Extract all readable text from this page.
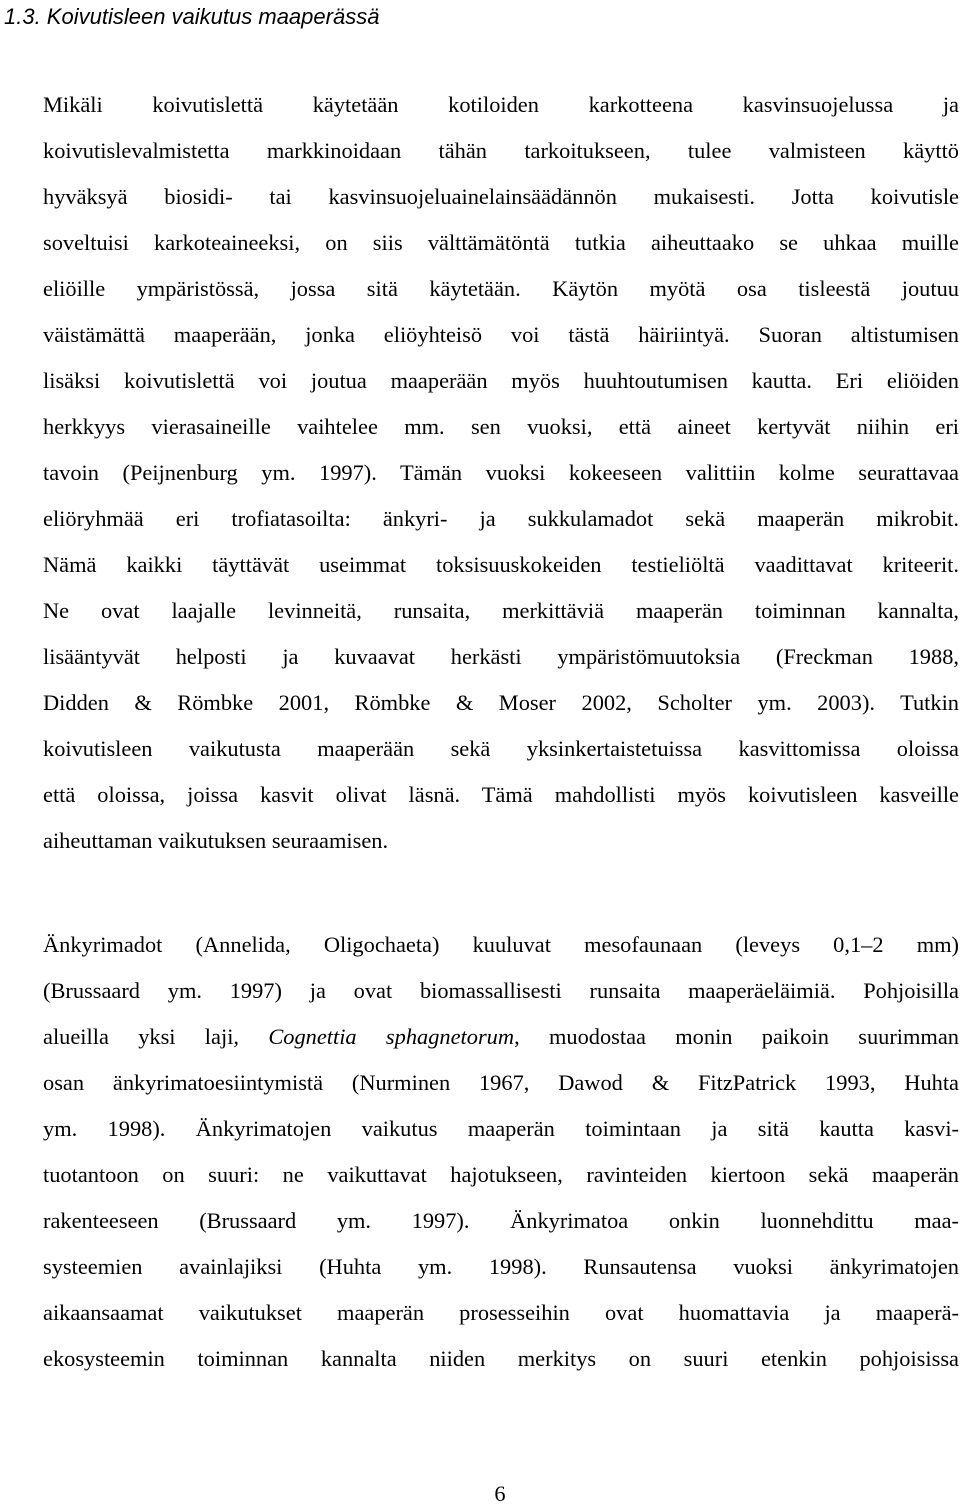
1.3. Koivutisleen vaikutus maaperässä
Mikäli koivutislettä käytetään kotiloiden karkotteena kasvinsuojelussa ja
koivutislevalmistetta markkinoidaan tähän tarkoitukseen, tulee valmisteen käyttö
hyväksyä biosidi- tai kasvinsuojeluainelainsäädännön mukaisesti. Jotta koivutisle
soveltuisi karkoteaineeksi, on siis välttämätöntä tutkia aiheuttaako se uhkaa muille
eliöille ympäristössä, jossa sitä käytetään. Käytön myötä osa tisleestä joutuu
väistämättä maaperään, jonka eliöyhteisö voi tästä häiriintyä. Suoran altistumisen
lisäksi koivutislettä voi joutua maaperään myös huuhtoutumisen kautta. Eri eliöiden
herkkyys vierasaineille vaihtelee mm. sen vuoksi, että aineet kertyvät niihin eri
tavoin (Peijnenburg ym. 1997). Tämän vuoksi kokeeseen valittiin kolme seurattavaa
eliöryhmää eri trofiatasoilta: änkyri- ja sukkulamadot sekä maaperän mikrobit.
Nämä kaikki täyttävät useimmat toksisuuskokeiden testieliöltä vaadittavat kriteerit.
Ne ovat laajalle levinneitä, runsaita, merkittäviä maaperän toiminnan kannalta,
lisääntyvät helposti ja kuvaavat herkästi ympäristömuutoksia (Freckman 1988,
Didden & Römbke 2001, Römbke & Moser 2002, Scholter ym. 2003). Tutkin
koivutisleen vaikutusta maaperään sekä yksinkertaistetuissa kasvittomissa oloissa
että oloissa, joissa kasvit olivat läsnä. Tämä mahdollisti myös koivutisleen kasveille
aiheuttaman vaikutuksen seuraamisen.
Änkyrimadot (Annelida, Oligochaeta) kuuluvat mesofaunaan (leveys 0,1–2 mm)
(Brussaard ym. 1997) ja ovat biomassallisesti runsaita maaperäeläimiä. Pohjoisilla
alueilla yksi laji, Cognettia sphagnetorum, muodostaa monin paikoin suurimman
osan änkyrimatoesiintymistä (Nurminen 1967, Dawod & FitzPatrick 1993, Huhta
ym. 1998). Änkyrimatojen vaikutus maaperän toimintaan ja sitä kautta kasvi-
tuotantoon on suuri: ne vaikuttavat hajotukseen, ravinteiden kiertoon sekä maaperän
rakenteeseen (Brussaard ym. 1997). Änkyrimatoa onkin luonnehdittu maa-
systeemien avainlajiksi (Huhta ym. 1998). Runsautensa vuoksi änkyrimatojen
aikaansaamat vaikutukset maaperän prosesseihin ovat huomattavia ja maaperä-
ekosysteemin toiminnan kannalta niiden merkitys on suuri etenkin pohjoisissa
6
